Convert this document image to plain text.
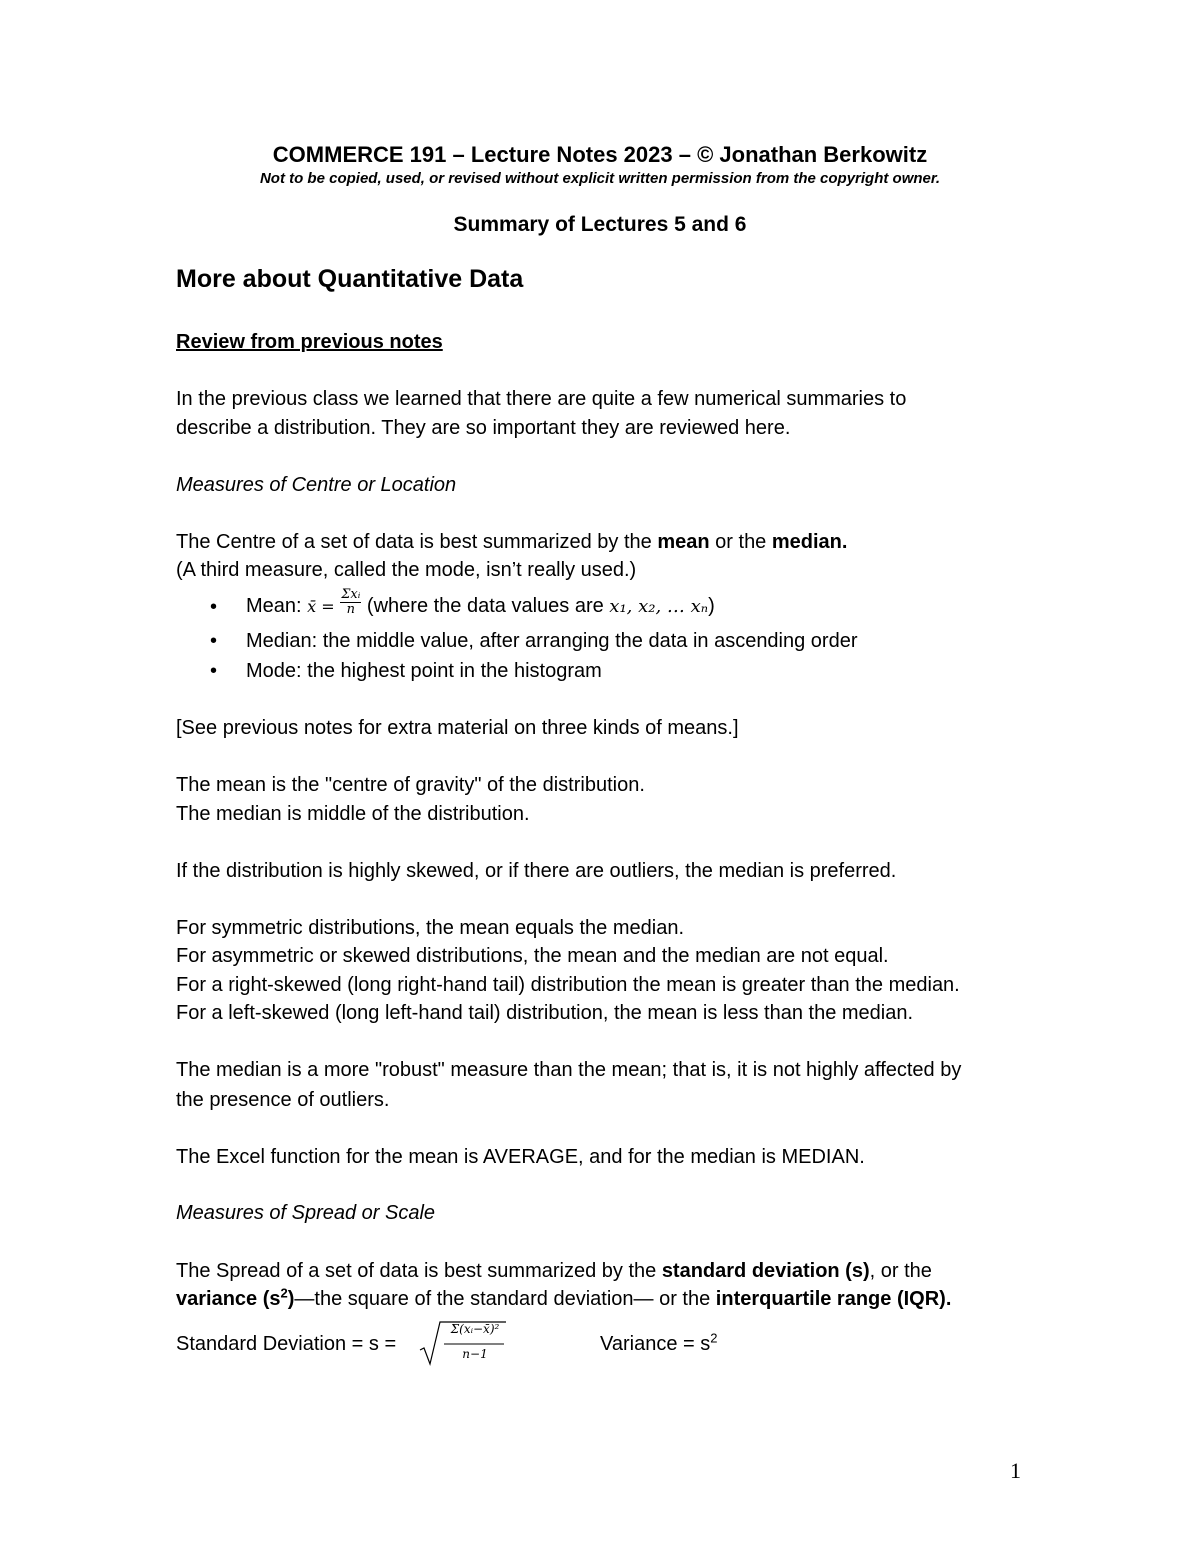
COMMERCE 191 – Lecture Notes 2023 – © Jonathan Berkowitz
Not to be copied, used, or revised without explicit written permission from the copyright owner.
Summary of Lectures 5 and 6
More about Quantitative Data
Review from previous notes
In the previous class we learned that there are quite a few numerical summaries to
describe a distribution. They are so important they are reviewed here.
Measures of Centre or Location
The Centre of a set of data is best summarized by the mean or the median.
(A third measure, called the mode, isn’t really used.)
• Mean: x̄ = $\frac{\text{Σxᵢ}}{n}$ (where the data values are x₁, x₂, … xₙ)
• Median: the middle value, after arranging the data in ascending order
• Mode: the highest point in the histogram
[See previous notes for extra material on three kinds of means.]
The mean is the "centre of gravity" of the distribution.
The median is middle of the distribution.
If the distribution is highly skewed, or if there are outliers, the median is preferred.
For symmetric distributions, the mean equals the median.
For asymmetric or skewed distributions, the mean and the median are not equal.
For a right-skewed (long right-hand tail) distribution the mean is greater than the median.
For a left-skewed (long left-hand tail) distribution, the mean is less than the median.
The median is a more "robust" measure than the mean; that is, it is not highly affected by
the presence of outliers.
The Excel function for the mean is AVERAGE, and for the median is MEDIAN.
Measures of Spread or Scale
The Spread of a set of data is best summarized by the standard deviation (s), or the
variance $(s^2)—the$ square of the standard deviation— or the interquartile range (IQR).
Standard Deviation = s =
Σ(xᵢ−x̄)²
n−1	Variance = $s^2$
1
